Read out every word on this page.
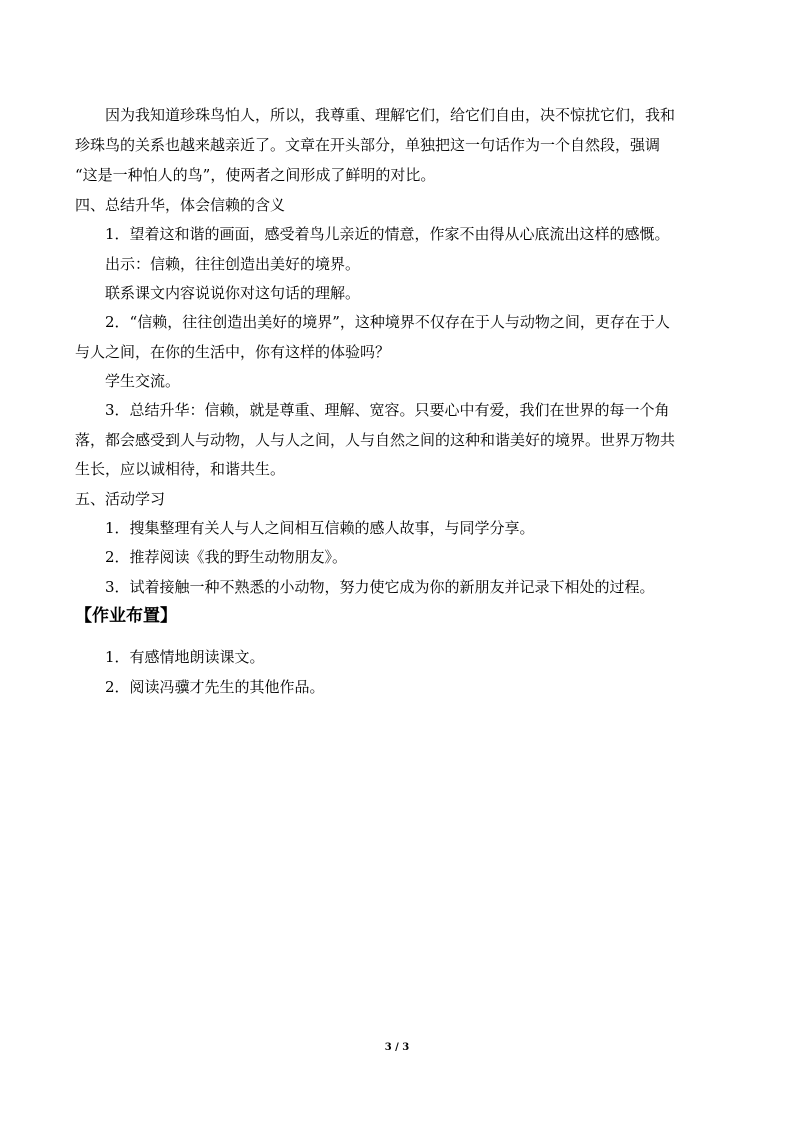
因为我知道珍珠鸟怕人，所以，我尊重、理解它们，给它们自由，决不惊扰它们，我和
珍珠鸟的关系也越来越亲近了。文章在开头部分，单独把这一句话作为一个自然段，强调
“这是一种怕人的鸟”，使两者之间形成了鲜明的对比。
四、总结升华，体会信赖的含义
1．望着这和谐的画面，感受着鸟儿亲近的情意，作家不由得从心底流出这样的感慨。
出示：信赖，往往创造出美好的境界。
联系课文内容说说你对这句话的理解。
2．“信赖，往往创造出美好的境界”，这种境界不仅存在于人与动物之间，更存在于人
与人之间，在你的生活中，你有这样的体验吗？
学生交流。
3．总结升华：信赖，就是尊重、理解、宽容。只要心中有爱，我们在世界的每一个角
落，都会感受到人与动物，人与人之间，人与自然之间的这种和谐美好的境界。世界万物共
生长，应以诚相待，和谐共生。
五、活动学习
1．搜集整理有关人与人之间相互信赖的感人故事，与同学分享。
2．推荐阅读《我的野生动物朋友》。
3．试着接触一种不熟悉的小动物，努力使它成为你的新朋友并记录下相处的过程。
【作业布置】
1．有感情地朗读课文。
2．阅读冯骥才先生的其他作品。
3 / 3
